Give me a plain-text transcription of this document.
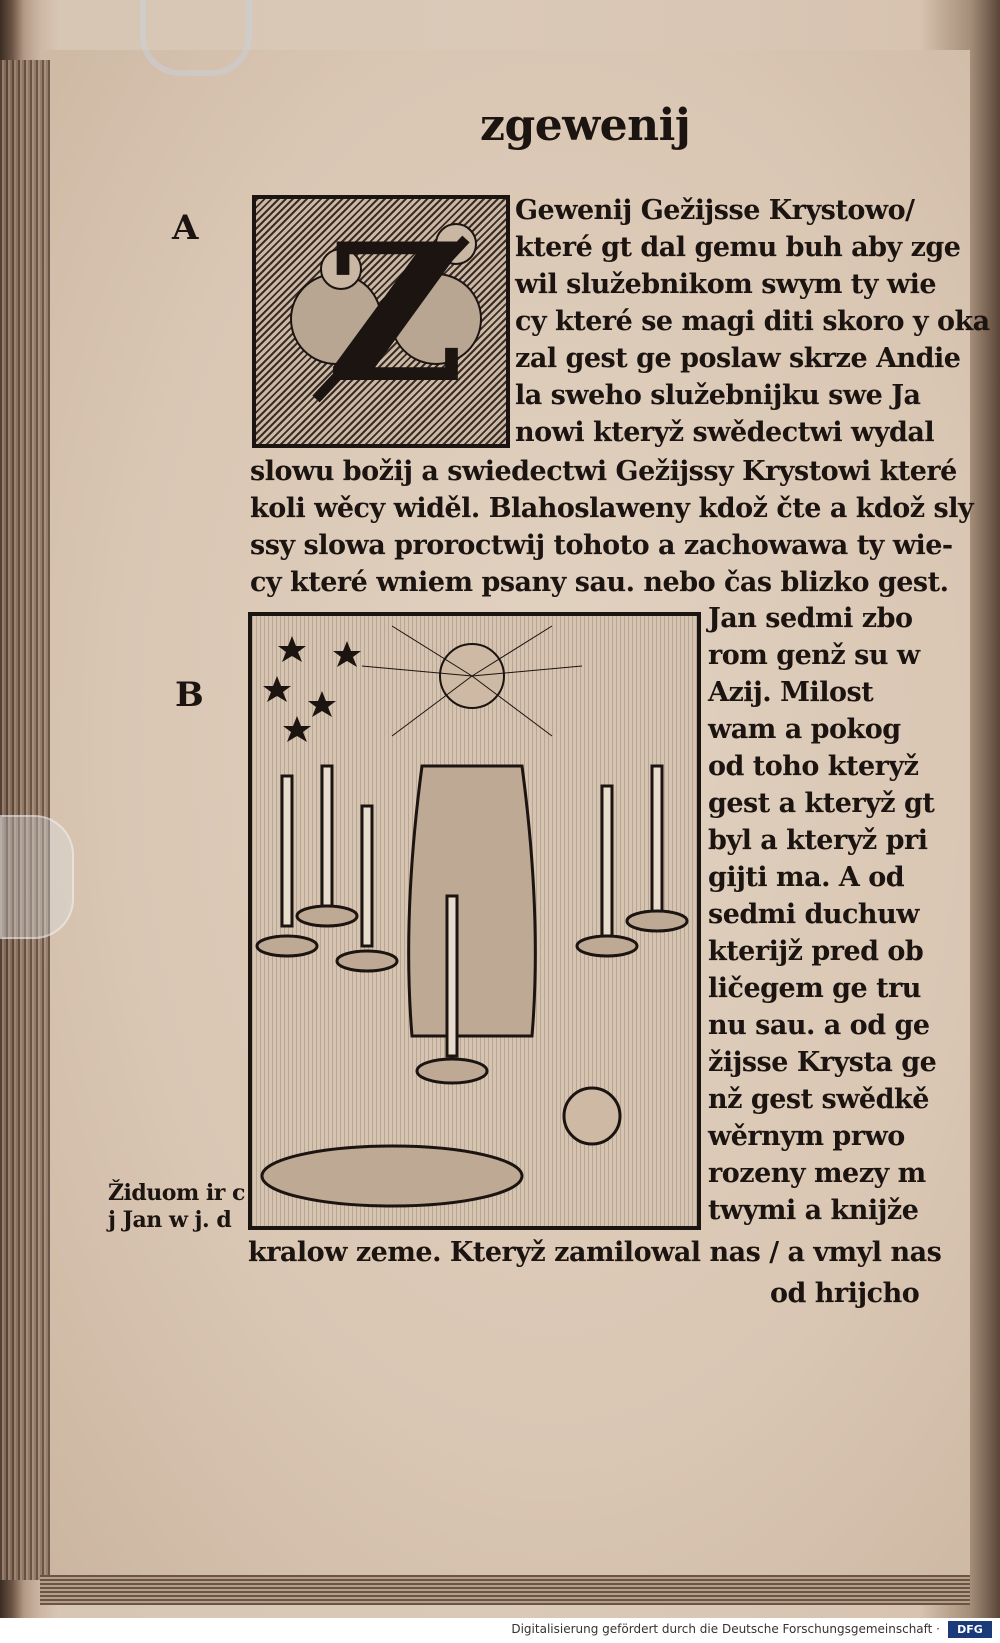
zgewenij
A
B
Z Gewenij Gežijsse Krystowo/
které gt dal gemu buh aby zge
wil služebnikom swym ty wie
cy které se magi diti skoro y oka
zal gest ge poslaw skrze Andie
la sweho služebnijku swe Ja
nowi kteryž swědectwi wydal
slowu božij a swiedectwi Gežijssy Krystowi které
koli wěcy widěl. Blahoslaweny kdož čte a kdož sly
ssy slowa proroctwij tohoto a zachowawa ty wie-
cy které wniem psany sau. nebo čas blizko gest.
Jan sedmi zbo
rom genž su w
Azij. Milost
wam a pokog
od toho kteryž
gest a kteryž gt
byl a kteryž pri
gijti ma. A od
sedmi duchuw
kterijž pred ob
ličegem ge tru
nu sau. a od ge
žijsse Krysta ge
nž gest swědkě
wěrnym prwo
rozeny mezy m
twymi a knijže
kralow zeme. Kteryž zamilowal nas / a vmyl nas
od hrijcho
Židuom ir c
j Jan w j. d
Digitalisierung gefördert durch die Deutsche Forschungsgemeinschaft ·	DFG
